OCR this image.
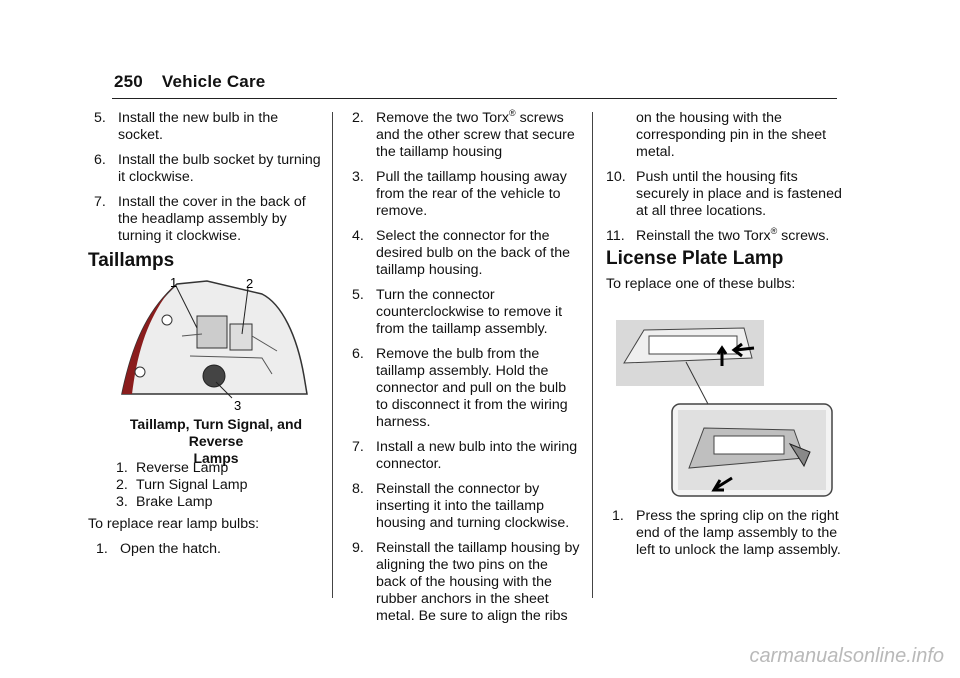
250 Vehicle Care
5. Install the new bulb in the socket.
6. Install the bulb socket by turning it clockwise.
7. Install the cover in the back of the headlamp assembly by turning it clockwise.
Taillamps
1	2
3
Taillamp, Turn Signal, and Reverse
Lamps
1. Reverse Lamp
2. Turn Signal Lamp
3. Brake Lamp
To replace rear lamp bulbs:
1. Open the hatch.
2. Remove the two Torx® screws and the other screw that secure the taillamp housing
3. Pull the taillamp housing away from the rear of the vehicle to remove.
4. Select the connector for the desired bulb on the back of the taillamp housing.
5. Turn the connector counterclockwise to remove it from the taillamp assembly.
6. Remove the bulb from the taillamp assembly. Hold the connector and pull on the bulb to disconnect it from the wiring harness.
7. Install a new bulb into the wiring connector.
8. Reinstall the connector by inserting it into the taillamp housing and turning clockwise.
9. Reinstall the taillamp housing by aligning the two pins on the back of the housing with the rubber anchors in the sheet metal. Be sure to align the ribs
on the housing with the corresponding pin in the sheet metal.
10. Push until the housing fits securely in place and is fastened at all three locations.
11. Reinstall the two Torx® screws.
License Plate Lamp
To replace one of these bulbs:
1. Press the spring clip on the right end of the lamp assembly to the left to unlock the lamp assembly.
carmanualsonline.info
